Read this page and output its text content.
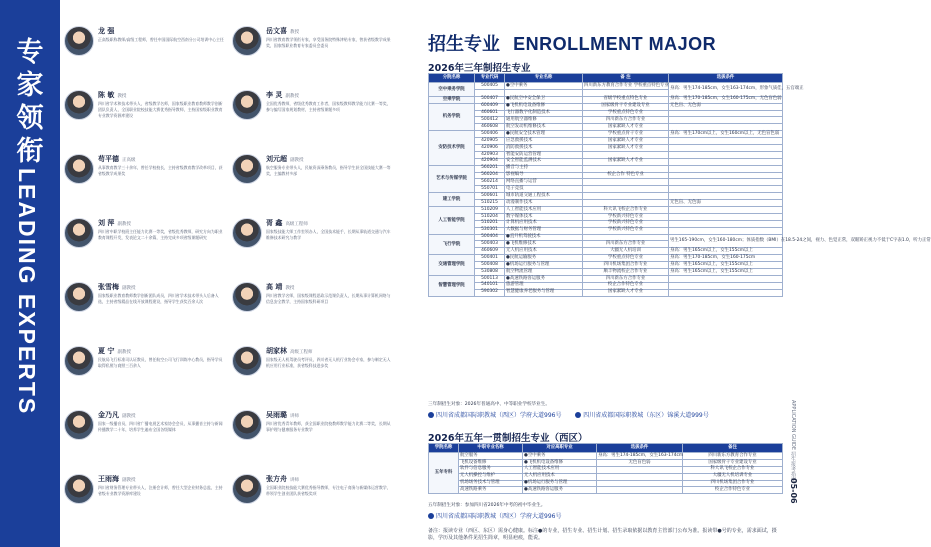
专
家
领
衔
LEADING EXPERTS
龙 强
正高级职称教师/高级工程师，曾任中国国际航空西南分公司培训中心主任
岳文喜 教授
四川省教育教学领衔专家，享受国务院特殊津贴专家，曾获省级教学成果奖，国家级职业教育专家委员会委员
陈 敏 教授
四川省学术和技术带头人，省级教学名师，国家级职业教育教师教学创新团队负责人，全国职业院校技能大赛优秀指导教师，主持国家级职业教育专业教学资源库建设
李 灵 副教授
全国优秀教师，省级优秀教育工作者，国家级教师教学能力比赛一等奖，参与编写国家规划教材，主持省级课题多项
苟平德 正高级
从事教育教学三十余年，曾任学校校长，主持省级教育教学改革项目，获省级教学成果奖
刘元超 副教授
航空服务专业带头人，民航资深乘务教员，指导学生获全国技能大赛一等奖，主编教材多部
刘 萍 副教授
四川省中职学校班主任能力比赛一等奖，省级优秀教师，研究方向为职业教育课程开发，发表论文二十余篇，主持完成多项省级课题研究
胥 鑫 高级工程师
国家级技能大师工作室领办人，全国技术能手，长期从事轨道交通与汽车维修技术研究与教学
张雪梅 副教授
国家级职业教育教师教学创新团队成员，四川省学术技术带头人后备人选，主持省级精品在线开放课程建设，指导学生获奖百余人次
高 靖 教授
四川省教学名师，国家级课程思政示范课负责人，长期从事计算机网络与信息安全教学，主持国家级科研项目
夏 宁 副教授
民航局飞行标准司认证教员，曾任航空公司飞行训练中心教员，指导学员取得私照与商照三百余人
胡家林 高级工程师
国家级无人机驾驶员考评员，四川省无人机行业协会专家，参与制定无人机应用行业标准，获省级科技进步奖
金乃凡 副教授
国家一级播音员，四川省广播电视艺术家协会会员，从事播音主持与新闻传播教学二十年，培养学生遍布全国各级媒体
吴雨璐 讲师
四川省优秀青年教师，获全国职业院校教师教学能力比赛二等奖，长期从事护理与健康服务专业教学
王雨海 副教授
四川省财务管理专业带头人，注册会计师，曾任大型企业财务总监，主持省级专业教学资源库建设
张方舟 讲师
全国职业院校技能大赛优秀指导教师，专注电子商务与新媒体运营教学，带领学生创业团队获省级奖项
招生专业 ENROLLMENT MAJOR
2026年三年制招生专业
分院名称	专业代码	专业名称	备 注	选拔条件	
空中乘务学院	500405	●空中乘务	四川新东方教育合作专业 学校重点特色专业	身高：男生174-185cm，女生163-174cm，形象气质佳，五官端正	

空乘学院	500407	●民航空中安全保卫	省级学校重点特色专业	身高：男生170-185cm，女生160-175cm，无色盲色弱	
机务学院	600409	●飞机机电设备维修	国家级骨干专业建设专业	无色盲、无色弱	
	460601	飞行器数字化制造技术	学校重点特色专业		
	500412	通用航空器维修	四川新东方合作专业		
	460608	航空发动机维修技术	国家紧缺人才专业		
安防技术学院	500406	●民航安全技术管理	学校重点骨干专业	身高：男生170cm以上，女生160cm以上，无色盲色弱	
	420905	应急救援技术	国家紧缺人才专业		
	420906	消防救援技术	国家紧缺人才专业		
	420903	智能安防运营管理			
	420904	安全智能监测技术	国家紧缺人才专业		
艺术与传媒学院	560201	播音与主持			
	560204	影视编导	校企合作 特色专业		
	560214	网络直播与运营			
	550701	电子竞技			
建工学院	500601	城市轨道交通工程技术			
	510215	动漫制作技术		无色盲、无色弱	
人工智能学院	510209	人工智能技术应用	科大讯飞校企合作专业		
	510204	数字媒体技术	学校新兴特色专业		
	510201	计算机应用技术	学校新兴特色专业		
	530301	大数据与财务管理	学校新兴特色专业		
飞行学院	500404	●直升机驾驶技术		男生165-190cm，女生160-180cm；体质指数（BMI）在18.5-24之间，视力、色觉正常，双眼矫正视力不低于C字表1.0，听力正常	
	500403	●飞机维修技术	四川新东方合作专业		
	460609	无人机应用技术	大疆无人机培训	身高：男生165cm以上，女生155cm以上	
交通管理学院	500401	●民航运输服务	学校重点特色专业	身高：男生170-185cm，女生160-175cm	
	500408	●机场运行服务与管理	四川机场集团合作专业	身高：男生165cm以上，女生155cm以上	
	530808	航空物流管理	顺丰物流校企合作专业	身高：男生165cm以上，女生155cm以上	
智慧管理学院	500113	●高速铁路客运服务	四川新东方合作专业		
	540101	旅游管理	校企合作特色专业		
	590302	智慧健康养老服务与管理	国家紧缺人才专业		
三年制招生对象：2026年普通高中、中等职业学校毕业生。
四川省成都国际职教城（西区）学府大道996号	四川省成都国际职教城（东区）锦溪大道999号
2026年五年一贯制招生专业（西区）
学院名称	中职专业名称	对应高职专业	选拔条件	备注
五年专科	航空服务	●空中乘务	身高：男生174-185cm，女生163-174cm	四川新东方教育合作专业
	飞机设备维修	●飞机机电设备维修	无色盲色弱	国家级骨干专业建设专业
	软件与信息服务	人工智能技术应用		科大讯飞校企合作专业
	无人机操控与维护	无人机应用技术		大疆无人机培训专业
	机场场务技术与管理	●机场运行服务与管理		四川机场集团合作专业
	高速铁路乘务	●高速铁路客运服务		校企合作特色专业
五年制招生对象：参加四川省2026年中考的初中毕业生。
四川省成都国际职教城（西区）学府大道996号
备注：报读专业（西区、东区）需身心健康。标注●的专业，招生专业、招生计划、招生录取依据以教育主管部门公布为准。报读带●号的专业，需求面试，摄影，学历及其他条件见招生简章，明显疤痕，能说。
APPLICATION GUIDE 招生报考指南
05-06
